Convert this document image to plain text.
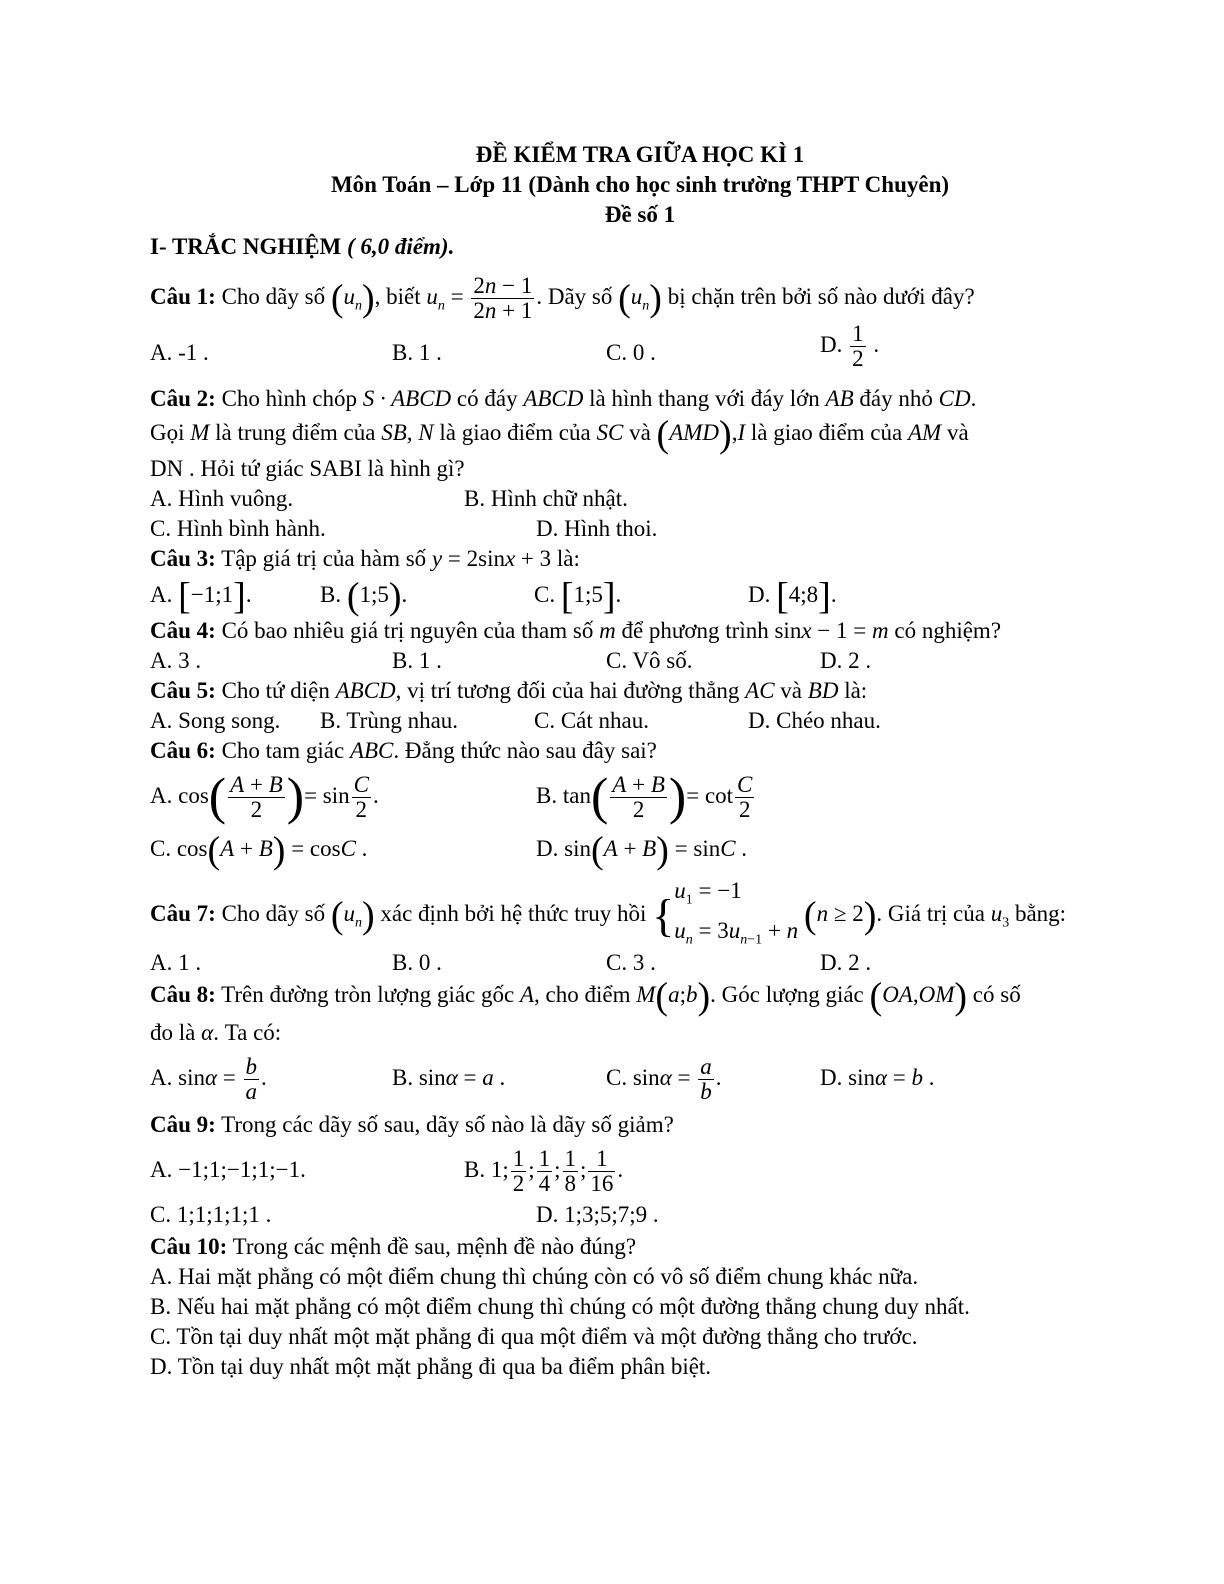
ĐỀ KIỂM TRA GIỮA HỌC KÌ 1
Môn Toán – Lớp 11 (Dành cho học sinh trường THPT Chuyên)
Đề số 1
I- TRẮC NGHIỆM ( 6,0 điểm).
Câu 1: Cho dãy số $(u_n)$, biết $u_n = \frac{2n - 1}{2n + 1}$ . Dãy số $(u_n)$ bị chặn trên bởi số nào dưới đây?
A. -1 .	B. 1 .	C. 0 .	D. $\frac{1}{2}$ .
Câu 2: Cho hình chóp S · ABCD có đáy ABCD là hình thang với đáy lớn AB đáy nhỏ CD.
Gọi M là trung điểm của SB, N là giao điểm của SC và (AMD),I là giao điểm của AM và
DN . Hỏi tứ giác SABI là hình gì?
A. Hình vuông.	B. Hình chữ nhật.
C. Hình bình hành.	D. Hình thoi.
Câu 3: Tập giá trị của hàm số y = 2sinx + 3 là:
A. [−1;1].	B. (1;5).	C. [1;5].	D. [4;8].
Câu 4: Có bao nhiêu giá trị nguyên của tham số m để phương trình sinx − 1 = m có nghiệm?
A. 3 .	B. 1 .	C. Vô số.	D. 2 .
Câu 5: Cho tứ diện ABCD, vị trí tương đối của hai đường thẳng AC và BD là:
A. Song song. B. Trùng nhau.	C. Cát nhau.	D. Chéo nhau.
Câu 6: Cho tam giác ABC. Đẳng thức nào sau đây sai?
A. $\cos( \frac{A + B}{2}$ )= $\sin \frac{C}{2}$ .	B. $\tan( \frac{A + B}{2}$ )= $\cot \frac{C}{2}$
C. cos(A + B) = cosC .	D. sin(A + B) = sinC .
Câu 7: Cho dãy số $(u_n)$ xác định bởi hệ thức truy hồi { $u_1 = -1$
$u_n = 3u_{n-1} + n$ (n ≥ 2). Giá trị của $u_3$ bằng:
A. 1 .	B. 0 .	C. 3 .	D. 2 .
Câu 8: Trên đường tròn lượng giác gốc A, cho điểm M(a;b). Góc lượng giác (OA,OM) có số
đo là α. Ta có:
A. $\sin\alpha = \frac{b}{a}$ .	B. sinα = a .	C. $\sin\alpha = \frac{a}{b}$ .	D. sinα = b .
Câu 9: Trong các dãy số sau, dãy số nào là dãy số giảm?
A. −1;1;−1;1;−1.	B. 1; $\frac{1}{2}$ ; $\frac{1}{4}$ ; $\frac{1}{8}$ ; $\frac{1}{16}$ .
C. 1;1;1;1;1 .	D. 1;3;5;7;9 .
Câu 10: Trong các mệnh đề sau, mệnh đề nào đúng?
A. Hai mặt phẳng có một điểm chung thì chúng còn có vô số điểm chung khác nữa.
B. Nếu hai mặt phẳng có một điểm chung thì chúng có một đường thẳng chung duy nhất.
C. Tồn tại duy nhất một mặt phẳng đi qua một điểm và một đường thẳng cho trước.
D. Tồn tại duy nhất một mặt phẳng đi qua ba điểm phân biệt.
